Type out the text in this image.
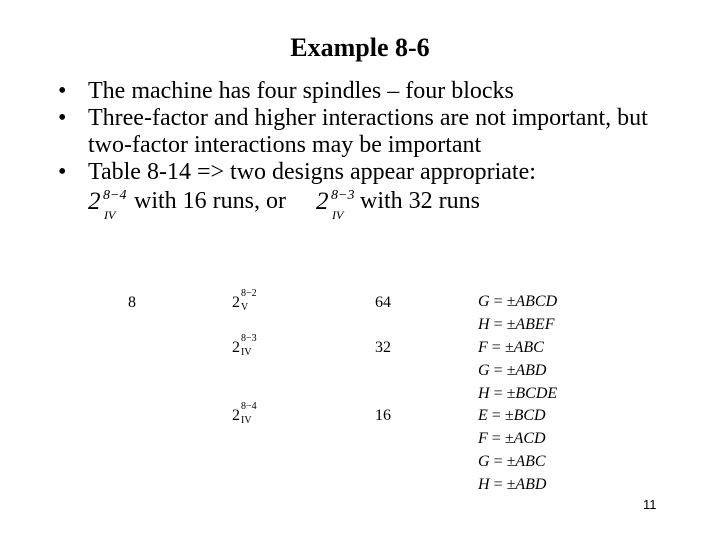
Example 8-6
• The machine has four spindles – four blocks
• Three-factor and higher interactions are not important, but two-factor interactions may be important
• Table 8-14 => two designs appear appropriate:
2 8−4
IV
with 16 runs, or 2 8−3
IV
with 32 runs
8	2
8−2
V	64	G = ±ABCD
H = ±ABEF
2
8−3
IV	32	F = ±ABC
G = ±ABD
H = ±BCDE
2
8−4
IV	16	E = ±BCD
F = ±ACD
G = ±ABC
H = ±ABD
11
